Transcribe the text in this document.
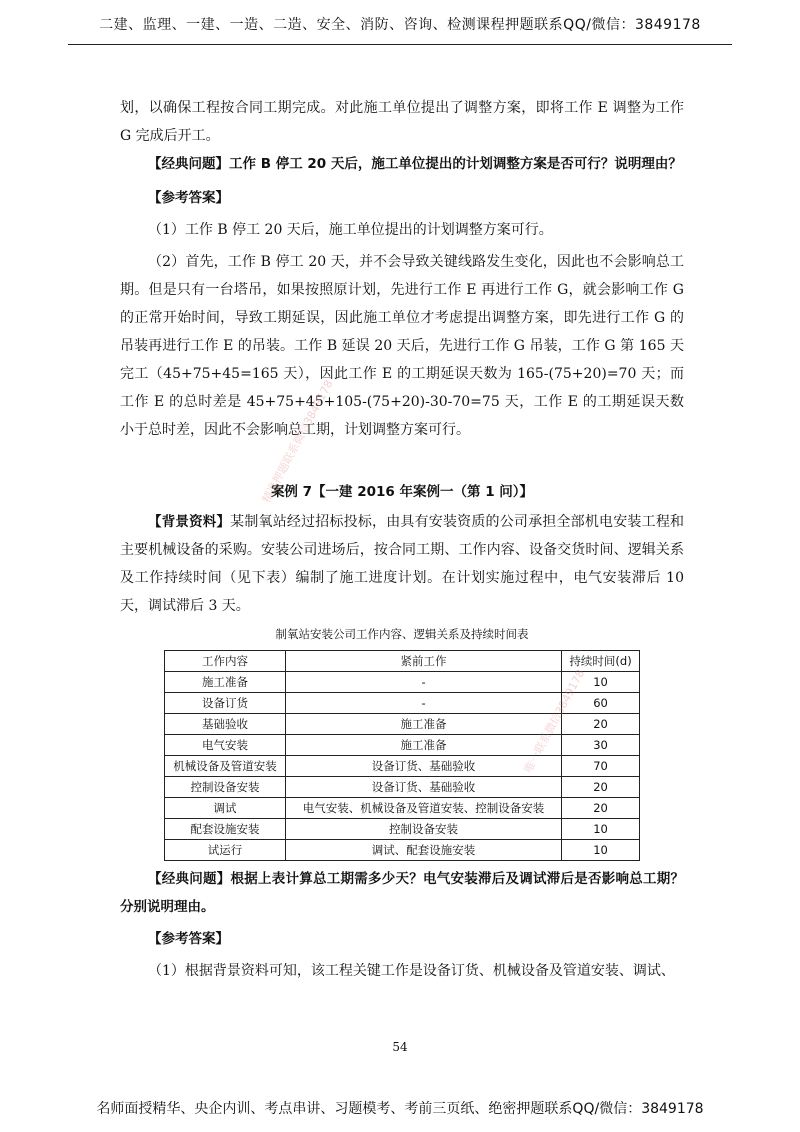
二建、监理、一建、一造、二造、安全、消防、咨询、检测课程押题联系QQ/微信：3849178

划，以确保工程按合同工期完成。对此施工单位提出了调整方案，即将工作 E 调整为工作 G 完成后开工。

【经典问题】工作 B 停工 20 天后，施工单位提出的计划调整方案是否可行？说明理由？

【参考答案】

（1）工作 B 停工 20 天后，施工单位提出的计划调整方案可行。

（2）首先，工作 B 停工 20 天，并不会导致关键线路发生变化，因此也不会影响总工期。但是只有一台塔吊，如果按照原计划，先进行工作 E 再进行工作 G，就会影响工作 G 的正常开始时间，导致工期延误，因此施工单位才考虑提出调整方案，即先进行工作 G 的吊装再进行工作 E 的吊装。工作 B 延误 20 天后，先进行工作 G 吊装，工作 G 第 165 天完工（45+75+45=165 天），因此工作 E 的工期延误天数为 165-(75+20)=70 天；而工作 E 的总时差是 45+75+45+105-(75+20)-30-70=75 天，工作 E 的工期延误天数小于总时差，因此不会影响总工期，计划调整方案可行。

案例 7【一建 2016 年案例一（第 1 问）】

【背景资料】某制氧站经过招标投标，由具有安装资质的公司承担全部机电安装工程和主要机械设备的采购。安装公司进场后，按合同工期、工作内容、设备交货时间、逻辑关系及工作持续时间（见下表）编制了施工进度计划。在计划实施过程中，电气安装滞后 10 天，调试滞后 3 天。

制氧站安装公司工作内容、逻辑关系及持续时间表
工作内容	紧前工作	持续时间(d)
施工准备	-	10
设备订货	-	60
基础验收	施工准备	20
电气安装	施工准备	30
机械设备及管道安装	设备订货、基础验收	70
控制设备安装	设备订货、基础验收	20
调试	电气安装、机械设备及管道安装、控制设备安装	20
配套设施安装	控制设备安装	10
试运行	调试、配套设施安装	10

【经典问题】根据上表计算总工期需多少天？电气安装滞后及调试滞后是否影响总工期？分别说明理由。

【参考答案】

（1）根据背景资料可知，该工程关键工作是设备订货、机械设备及管道安装、调试、

54
名师面授精华、央企内训、考点串讲、习题模考、考前三页纸、绝密押题联系QQ/微信：3849178
精准押题联系微信3849178
唯一联系微信3849178
